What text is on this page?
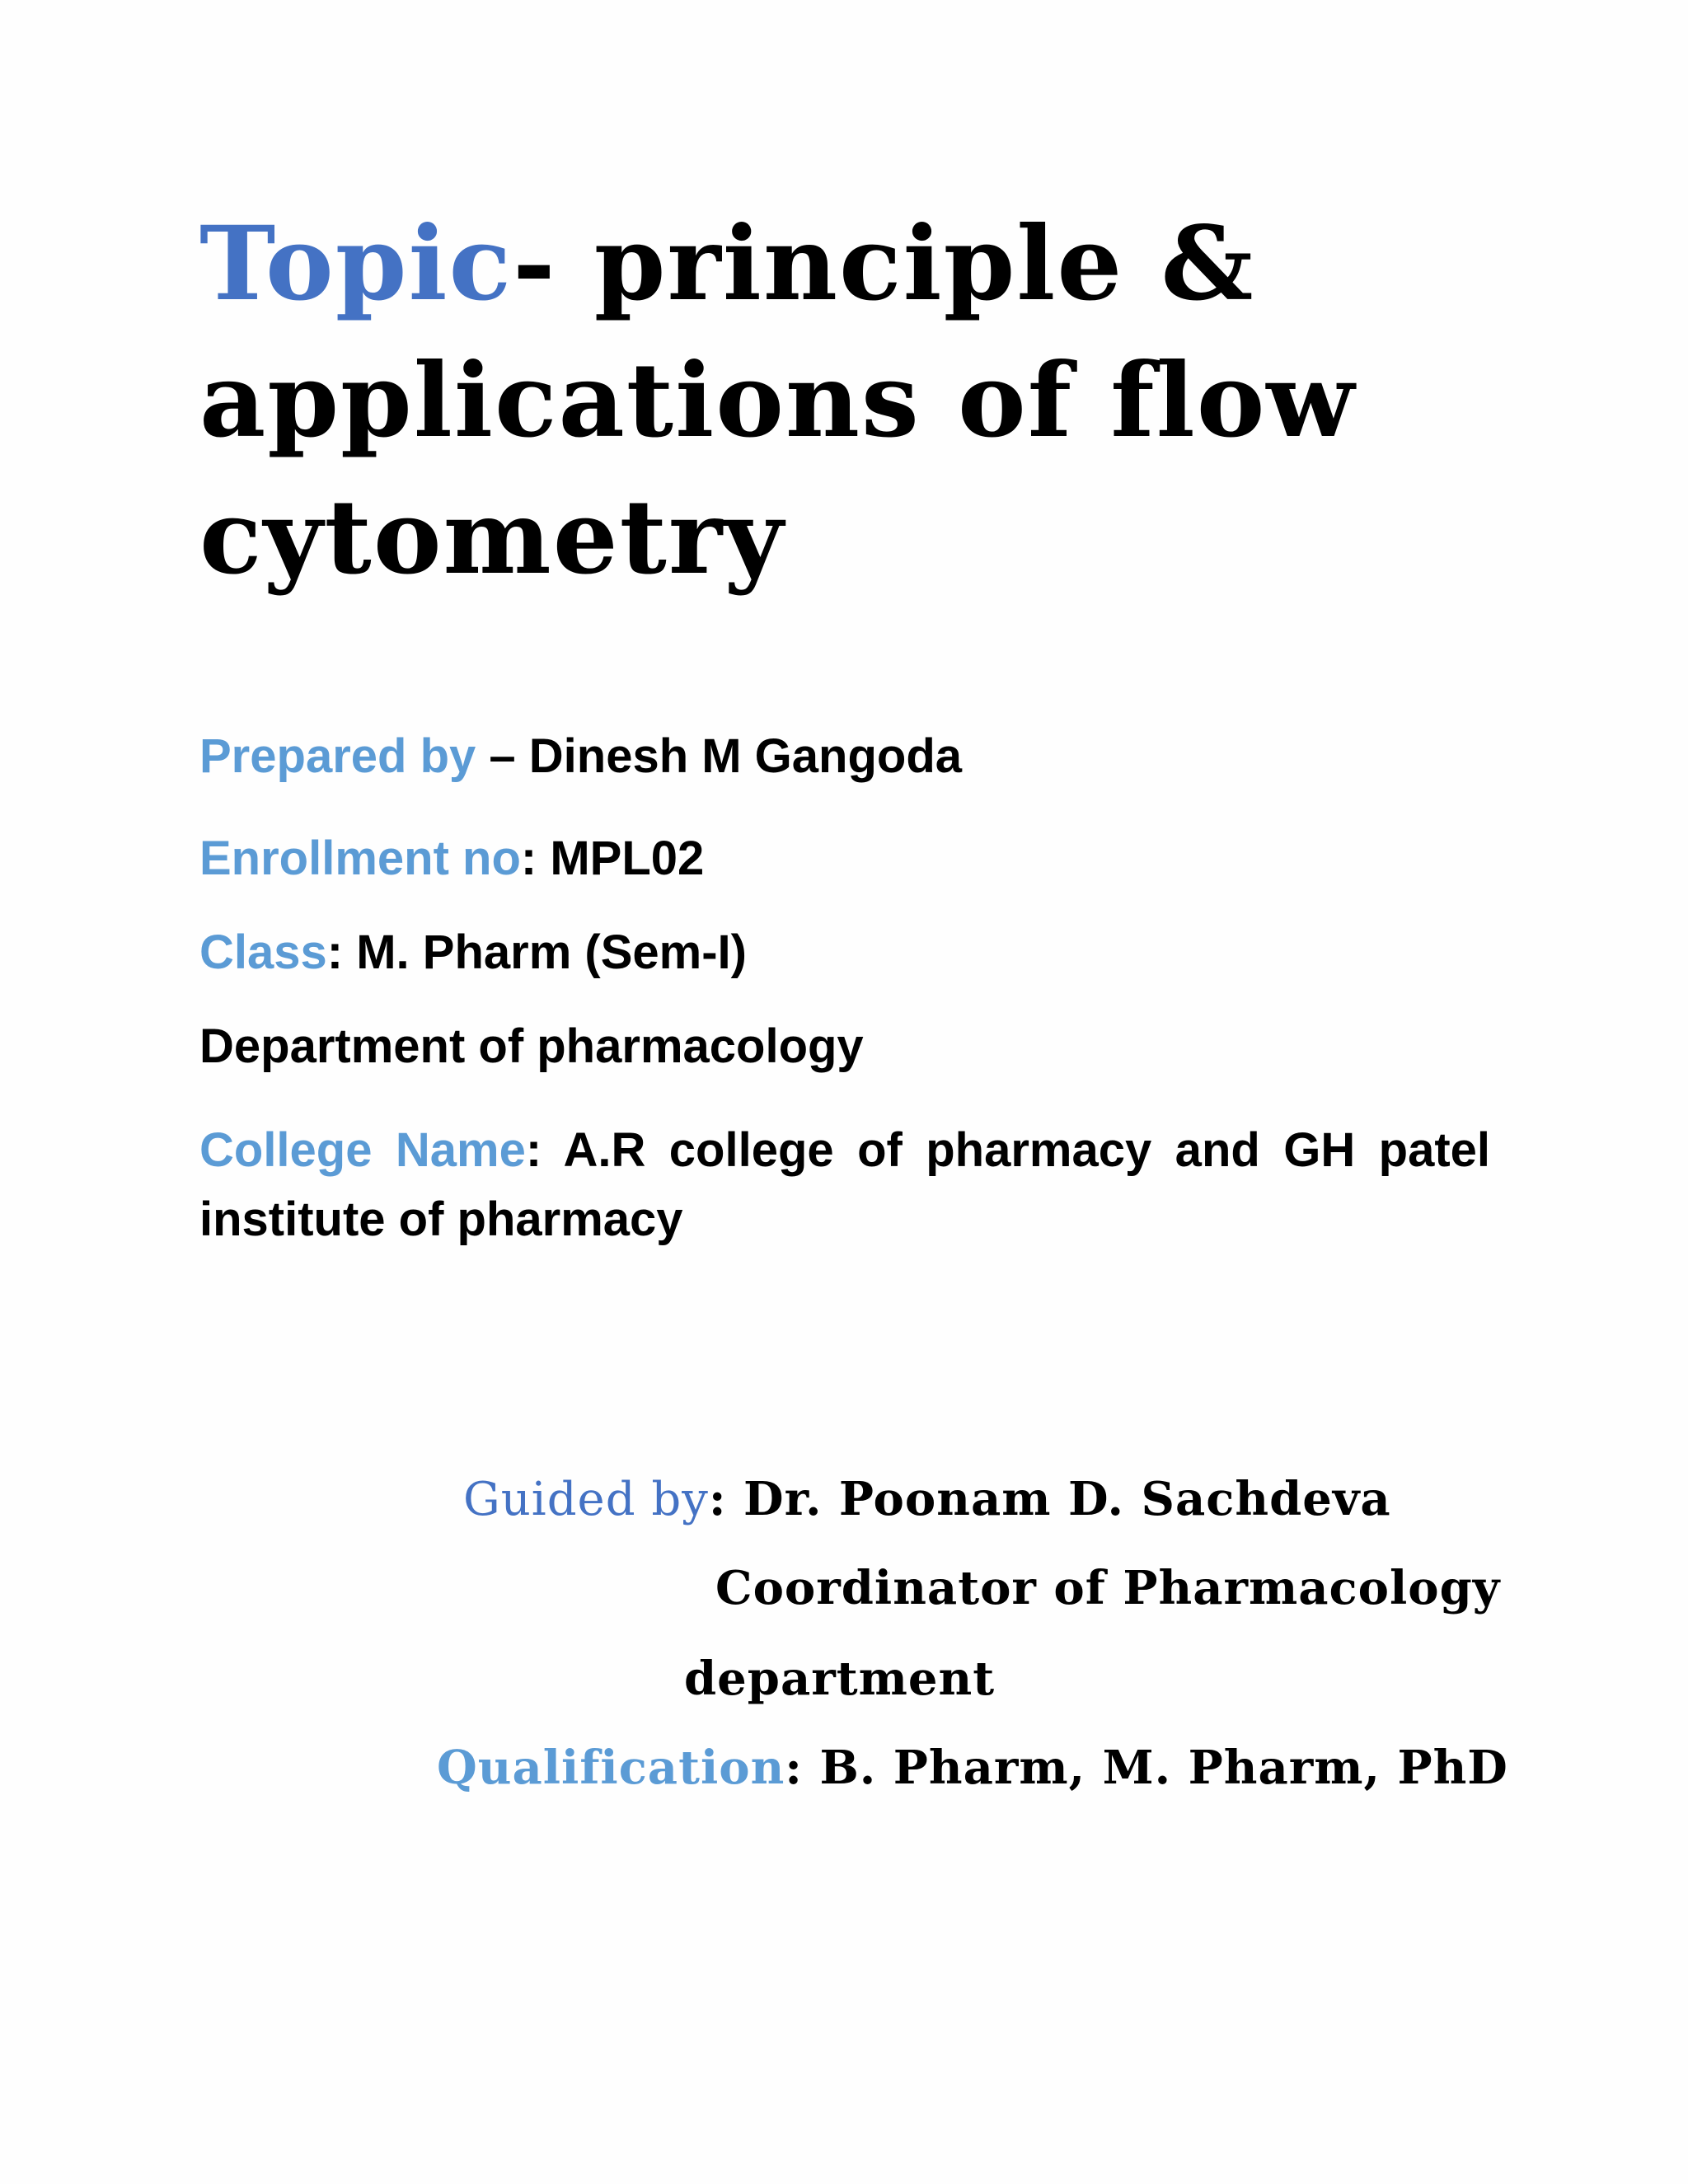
Topic- principle & applications of flow cytometry
Prepared by – Dinesh M Gangoda
Enrollment no: MPL02
Class: M. Pharm (Sem-I)
Department of pharmacology
College Name: A.R college of pharmacy and GH patel institute of pharmacy
Guided by: Dr. Poonam D. Sachdeva
Coordinator of Pharmacology
department
Qualification: B. Pharm, M. Pharm, PhD
